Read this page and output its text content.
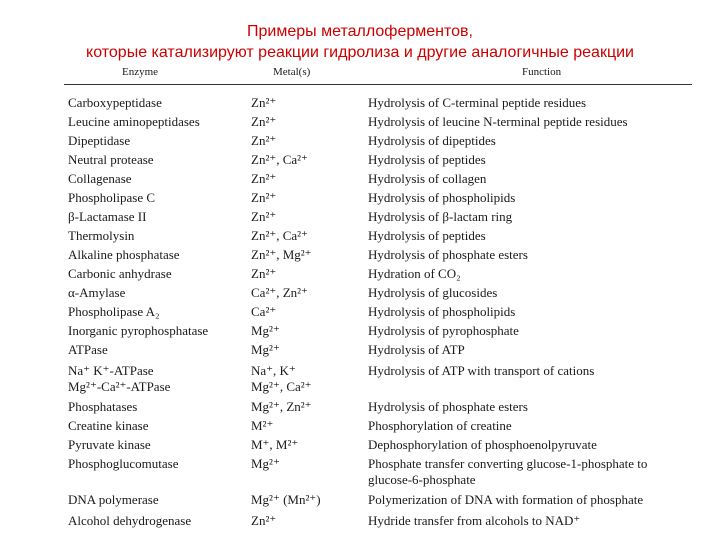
Примеры металлоферментов,
которые катализируют реакции гидролиза и другие аналогичные реакции
Enzyme	Metal(s)	Function
Carboxypeptidase	Zn²⁺	Hydrolysis of C-terminal peptide residues
Leucine aminopeptidases	Zn²⁺	Hydrolysis of leucine N-terminal peptide residues
Dipeptidase	Zn²⁺	Hydrolysis of dipeptides
Neutral protease	Zn²⁺, Ca²⁺	Hydrolysis of peptides
Collagenase	Zn²⁺	Hydrolysis of collagen
Phospholipase C	Zn²⁺	Hydrolysis of phospholipids
β-Lactamase II	Zn²⁺	Hydrolysis of β-lactam ring
Thermolysin	Zn²⁺, Ca²⁺	Hydrolysis of peptides
Alkaline phosphatase	Zn²⁺, Mg²⁺	Hydrolysis of phosphate esters
Carbonic anhydrase	Zn²⁺	Hydration of CO₂
α-Amylase	Ca²⁺, Zn²⁺	Hydrolysis of glucosides
Phospholipase A₂	Ca²⁺	Hydrolysis of phospholipids
Inorganic pyrophosphatase	Mg²⁺	Hydrolysis of pyrophosphate
ATPase	Mg²⁺	Hydrolysis of ATP
Na⁺ K⁺-ATPase	Na⁺, K⁺	Hydrolysis of ATP with transport of cations
Mg²⁺-Ca²⁺-ATPase	Mg²⁺, Ca²⁺
Phosphatases	Mg²⁺, Zn²⁺	Hydrolysis of phosphate esters
Creatine kinase	M²⁺	Phosphorylation of creatine
Pyruvate kinase	M⁺, M²⁺	Dephosphorylation of phosphoenolpyruvate
Phosphoglucomutase	Mg²⁺	Phosphate transfer converting glucose-1-phosphate to
glucose-6-phosphate
DNA polymerase	Mg²⁺ (Mn²⁺)	Polymerization of DNA with formation of phosphate
Alcohol dehydrogenase	Zn²⁺	Hydride transfer from alcohols to NAD⁺
